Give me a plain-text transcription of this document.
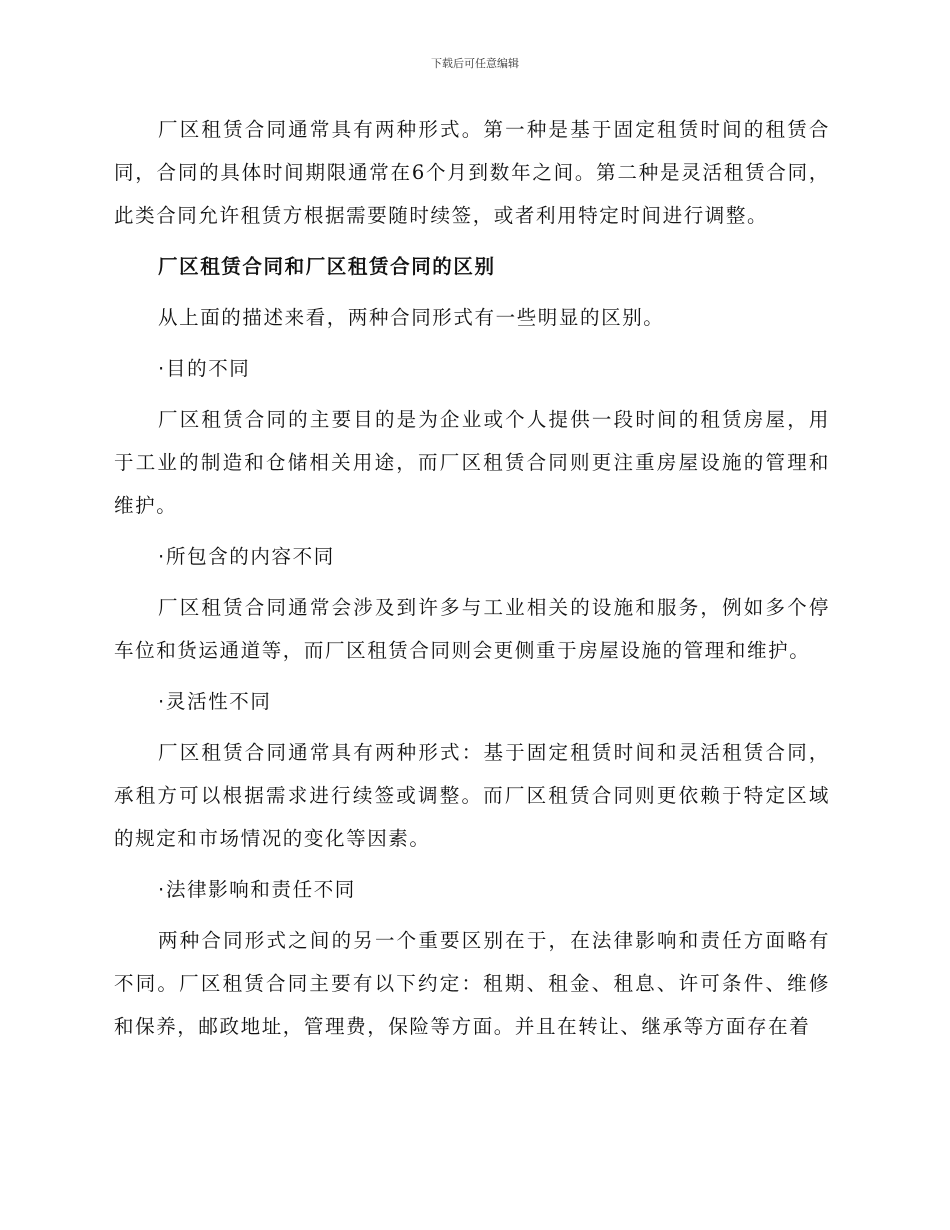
下载后可任意编辑

厂区租赁合同通常具有两种形式。第一种是基于固定租赁时间的租赁合同，合同的具体时间期限通常在6个月到数年之间。第二种是灵活租赁合同，此类合同允许租赁方根据需要随时续签，或者利用特定时间进行调整。

厂区租赁合同和厂区租赁合同的区别

从上面的描述来看，两种合同形式有一些明显的区别。

·目的不同

厂区租赁合同的主要目的是为企业或个人提供一段时间的租赁房屋，用于工业的制造和仓储相关用途，而厂区租赁合同则更注重房屋设施的管理和维护。

·所包含的内容不同

厂区租赁合同通常会涉及到许多与工业相关的设施和服务，例如多个停车位和货运通道等，而厂区租赁合同则会更侧重于房屋设施的管理和维护。

·灵活性不同

厂区租赁合同通常具有两种形式：基于固定租赁时间和灵活租赁合同，承租方可以根据需求进行续签或调整。而厂区租赁合同则更依赖于特定区域的规定和市场情况的变化等因素。

·法律影响和责任不同

两种合同形式之间的另一个重要区别在于，在法律影响和责任方面略有不同。厂区租赁合同主要有以下约定：租期、租金、租息、许可条件、维修和保养，邮政地址，管理费，保险等方面。并且在转让、继承等方面存在着
